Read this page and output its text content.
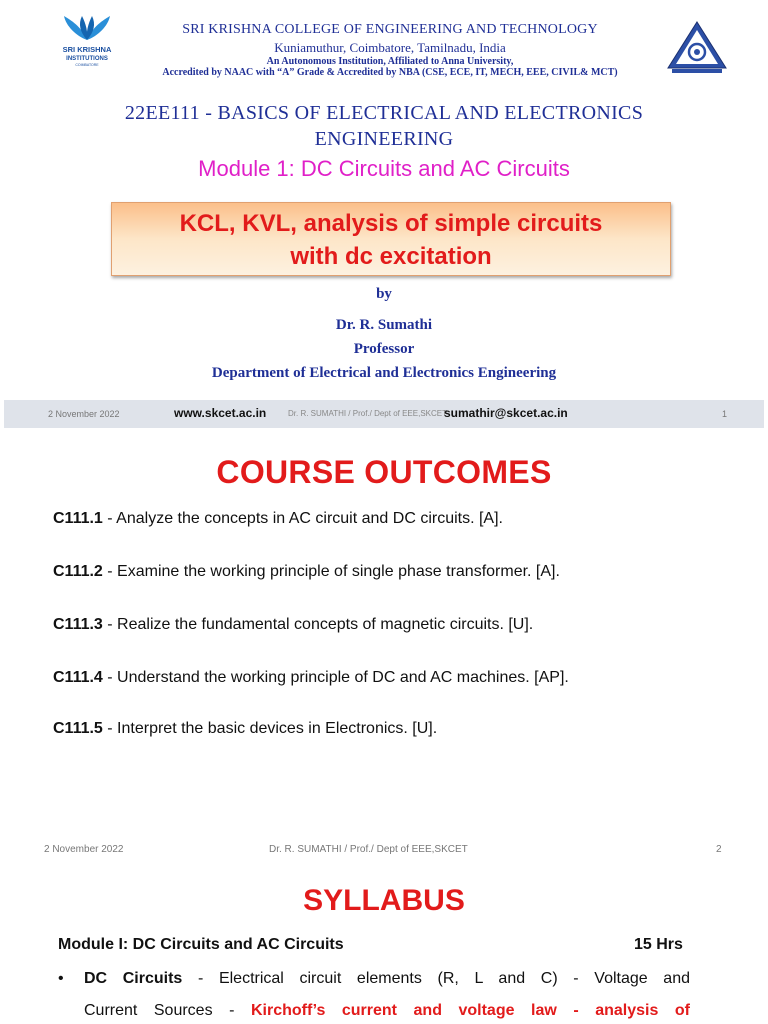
SRI KRISHNA
INSTITUTIONS
COIMBATORE
SRI KRISHNA COLLEGE OF ENGINEERING AND TECHNOLOGY
Kuniamuthur, Coimbatore, Tamilnadu, India
An Autonomous Institution, Affiliated to Anna University,
Accredited by NAAC with “A” Grade & Accredited by NBA (CSE, ECE, IT, MECH, EEE, CIVIL& MCT)
22EE111 - BASICS OF ELECTRICAL AND ELECTRONICS
ENGINEERING
Module 1: DC Circuits and AC Circuits
KCL, KVL, analysis of simple circuits
with dc excitation
by
Dr. R. Sumathi
Professor
Department of Electrical and Electronics Engineering
2 November 2022	Dr. R. SUMATHI / Prof./ Dept of EEE,SKCET
www.skcet.ac.in	sumathir@skcet.ac.in	1
COURSE OUTCOMES
C111.1 - Analyze the concepts in AC circuit and DC circuits. [A].
C111.2 - Examine the working principle of single phase transformer. [A].
C111.3 - Realize the fundamental concepts of magnetic circuits. [U].
C111.4 - Understand the working principle of DC and AC machines. [AP].
C111.5 - Interpret the basic devices in Electronics. [U].
2 November 2022	Dr. R. SUMATHI / Prof./ Dept of EEE,SKCET	2
SYLLABUS
Module I: DC Circuits and AC Circuits	15 Hrs
• DC Circuits - Electrical circuit elements (R, L and C) - Voltage and
Current Sources - Kirchoff’s current and voltage law - analysis of
